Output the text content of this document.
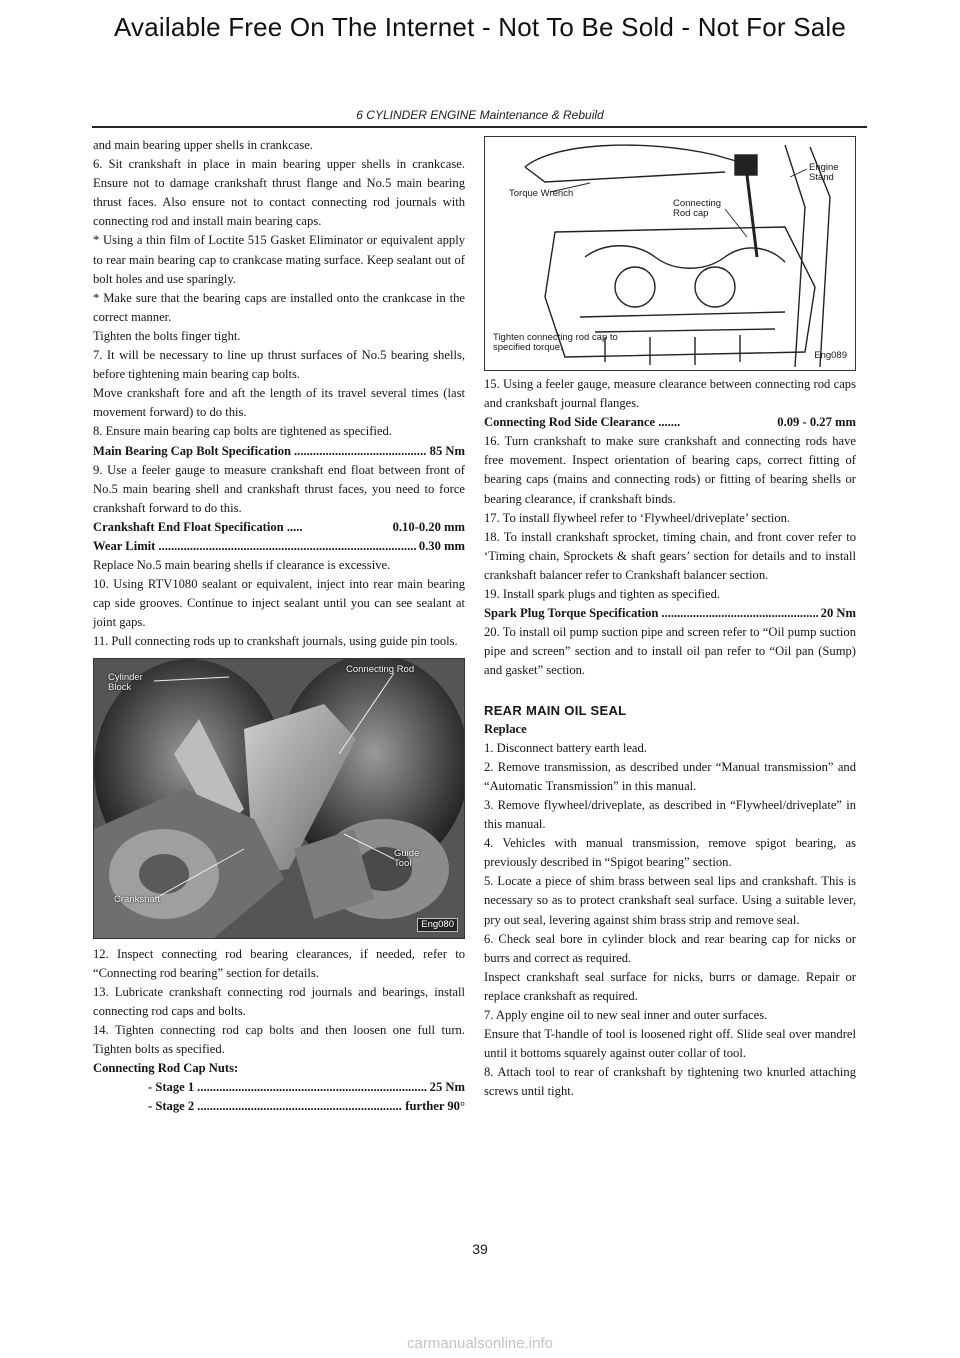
Available Free On The Internet - Not To Be Sold - Not For Sale
6 CYLINDER ENGINE Maintenance & Rebuild

and main bearing upper shells in crankcase.

6. Sit crankshaft in place in main bearing upper shells in crankcase. Ensure not to damage crankshaft thrust flange and No.5 main bearing thrust faces. Also ensure not to contact connecting rod journals with connecting rod and install main bearing caps.

* Using a thin film of Loctite 515 Gasket Eliminator or equivalent apply to rear main bearing cap to crankcase mating surface. Keep sealant out of bolt holes and use sparingly.

* Make sure that the bearing caps are installed onto the crankcase in the correct manner.

Tighten the bolts finger tight.

7. It will be necessary to line up thrust surfaces of No.5 bearing shells, before tightening main bearing cap bolts.

Move crankshaft fore and aft the length of its travel several times (last movement forward) to do this.

8. Ensure main bearing cap bolts are tightened as specified.

Main Bearing Cap Bolt Specification .....	85 Nm

9. Use a feeler gauge to measure crankshaft end float between front of No.5 main bearing shell and crankshaft thrust faces, you need to force crankshaft forward to do this.

Crankshaft End Float Specification .....	0.10-0.20 mm
Wear Limit .....	0.30 mm

Replace No.5 main bearing shells if clearance is excessive.

10. Using RTV1080 sealant or equivalent, inject into rear main bearing cap side grooves. Continue to inject sealant until you can see sealant at joint gaps.

11. Pull connecting rods up to crankshaft journals, using guide pin tools.

Cylinder
Block
Connecting Rod
Crankshaft
Guide
Tool
Eng080

12. Inspect connecting rod bearing clearances, if needed, refer to “Connecting rod bearing” section for details.

13. Lubricate crankshaft connecting rod journals and bearings, install connecting rod caps and bolts.

14. Tighten connecting rod cap bolts and then loosen one full turn. Tighten bolts as specified.

Connecting Rod Cap Nuts:

- Stage 1 .....	25 Nm
- Stage 2 .....	further 90°
Torque Wrench
Engine
Stand
Connecting
Rod cap
Tighten connecting rod cap to
specified torque.
Eng089

15. Using a feeler gauge, measure clearance between connecting rod caps and crankshaft journal flanges.

Connecting Rod Side Clearance .......	0.09 - 0.27 mm

16. Turn crankshaft to make sure crankshaft and connecting rods have free movement. Inspect orientation of bearing caps, correct fitting of bearing caps (mains and connecting rods) or fitting of bearing shells or bearing clearance, if crankshaft binds.

17. To install flywheel refer to ‘Flywheel/driveplate’ section.

18. To install crankshaft sprocket, timing chain, and front cover refer to ‘Timing chain, Sprockets & shaft gears’ section for details and to install crankshaft balancer refer to Crankshaft balancer section.

19. Install spark plugs and tighten as specified.

Spark Plug Torque Specification .....	20 Nm

20. To install oil pump suction pipe and screen refer to “Oil pump suction pipe and screen” section and to install oil pan refer to “Oil pan (Sump) and gasket” section.

REAR MAIN OIL SEAL

Replace

1. Disconnect battery earth lead.

2. Remove transmission, as described under “Manual transmission” and “Automatic Transmission” in this manual.

3. Remove flywheel/driveplate, as described in “Flywheel/driveplate” in this manual.

4. Vehicles with manual transmission, remove spigot bearing, as previously described in “Spigot bearing” section.

5. Locate a piece of shim brass between seal lips and crankshaft. This is necessary so as to protect crankshaft seal surface. Using a suitable lever, pry out seal, levering against shim brass strip and remove seal.

6. Check seal bore in cylinder block and rear bearing cap for nicks or burrs and correct as required.

Inspect crankshaft seal surface for nicks, burrs or damage. Repair or replace crankshaft as required.

7. Apply engine oil to new seal inner and outer surfaces.

Ensure that T-handle of tool is loosened right off. Slide seal over mandrel until it bottoms squarely against outer collar of tool.

8. Attach tool to rear of crankshaft by tightening two knurled attaching screws until tight.

39
carmanualsonline.info
